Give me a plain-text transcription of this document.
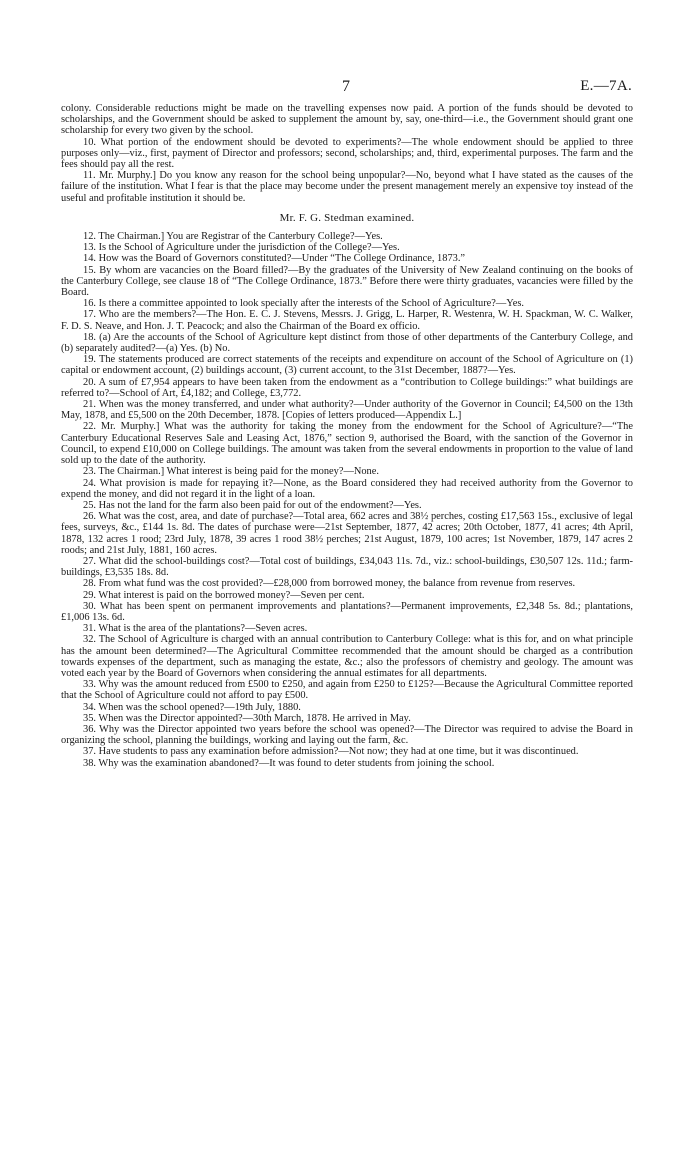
7	E.—7A.

colony. Considerable reductions might be made on the travelling expenses now paid. A portion of the funds should be devoted to scholarships, and the Government should be asked to supplement the amount by, say, one-third—i.e., the Government should grant one scholarship for every two given by the school.

10. What portion of the endowment should be devoted to experiments?—The whole endowment should be applied to three purposes only—viz., first, payment of Director and professors; second, scholarships; and, third, experimental purposes. The farm and the fees should pay all the rest.

11. Mr. Murphy.] Do you know any reason for the school being unpopular?—No, beyond what I have stated as the causes of the failure of the institution. What I fear is that the place may become under the present management merely an expensive toy instead of the useful and profitable institution it should be.

Mr. F. G. Stedman examined.

12. The Chairman.] You are Registrar of the Canterbury College?—Yes.

13. Is the School of Agriculture under the jurisdiction of the College?—Yes.

14. How was the Board of Governors constituted?—Under “The College Ordinance, 1873.”

15. By whom are vacancies on the Board filled?—By the graduates of the University of New Zealand continuing on the books of the Canterbury College, see clause 18 of “The College Ordinance, 1873.” Before there were thirty graduates, vacancies were filled by the Board.

16. Is there a committee appointed to look specially after the interests of the School of Agriculture?—Yes.

17. Who are the members?—The Hon. E. C. J. Stevens, Messrs. J. Grigg, L. Harper, R. Westenra, W. H. Spackman, W. C. Walker, F. D. S. Neave, and Hon. J. T. Peacock; and also the Chairman of the Board ex officio.

18. (a) Are the accounts of the School of Agriculture kept distinct from those of other departments of the Canterbury College, and (b) separately audited?—(a) Yes. (b) No.

19. The statements produced are correct statements of the receipts and expenditure on account of the School of Agriculture on (1) capital or endowment account, (2) buildings account, (3) current account, to the 31st December, 1887?—Yes.

20. A sum of £7,954 appears to have been taken from the endowment as a “contribution to College buildings:” what buildings are referred to?—School of Art, £4,182; and College, £3,772.

21. When was the money transferred, and under what authority?—Under authority of the Governor in Council; £4,500 on the 13th May, 1878, and £5,500 on the 20th December, 1878. [Copies of letters produced—Appendix L.]

22. Mr. Murphy.] What was the authority for taking the money from the endowment for the School of Agriculture?—“The Canterbury Educational Reserves Sale and Leasing Act, 1876,” section 9, authorised the Board, with the sanction of the Governor in Council, to expend £10,000 on College buildings. The amount was taken from the several endowments in proportion to the value of land sold up to the date of the authority.

23. The Chairman.] What interest is being paid for the money?—None.

24. What provision is made for repaying it?—None, as the Board considered they had received authority from the Governor to expend the money, and did not regard it in the light of a loan.

25. Has not the land for the farm also been paid for out of the endowment?—Yes.

26. What was the cost, area, and date of purchase?—Total area, 662 acres and 38½ perches, costing £17,563 15s., exclusive of legal fees, surveys, &c., £144 1s. 8d. The dates of purchase were—21st September, 1877, 42 acres; 20th October, 1877, 41 acres; 4th April, 1878, 132 acres 1 rood; 23rd July, 1878, 39 acres 1 rood 38½ perches; 21st August, 1879, 100 acres; 1st November, 1879, 147 acres 2 roods; and 21st July, 1881, 160 acres.

27. What did the school-buildings cost?—Total cost of buildings, £34,043 11s. 7d., viz.: school-buildings, £30,507 12s. 11d.; farm-buildings, £3,535 18s. 8d.

28. From what fund was the cost provided?—£28,000 from borrowed money, the balance from revenue from reserves.

29. What interest is paid on the borrowed money?—Seven per cent.

30. What has been spent on permanent improvements and plantations?—Permanent improvements, £2,348 5s. 8d.; plantations, £1,006 13s. 6d.

31. What is the area of the plantations?—Seven acres.

32. The School of Agriculture is charged with an annual contribution to Canterbury College: what is this for, and on what principle has the amount been determined?—The Agricultural Committee recommended that the amount should be charged as a contribution towards expenses of the department, such as managing the estate, &c.; also the professors of chemistry and geology. The amount was voted each year by the Board of Governors when considering the annual estimates for all departments.

33. Why was the amount reduced from £500 to £250, and again from £250 to £125?—Because the Agricultural Committee reported that the School of Agriculture could not afford to pay £500.

34. When was the school opened?—19th July, 1880.

35. When was the Director appointed?—30th March, 1878. He arrived in May.

36. Why was the Director appointed two years before the school was opened?—The Director was required to advise the Board in organizing the school, planning the buildings, working and laying out the farm, &c.

37. Have students to pass any examination before admission?—Not now; they had at one time, but it was discontinued.

38. Why was the examination abandoned?—It was found to deter students from joining the school.
